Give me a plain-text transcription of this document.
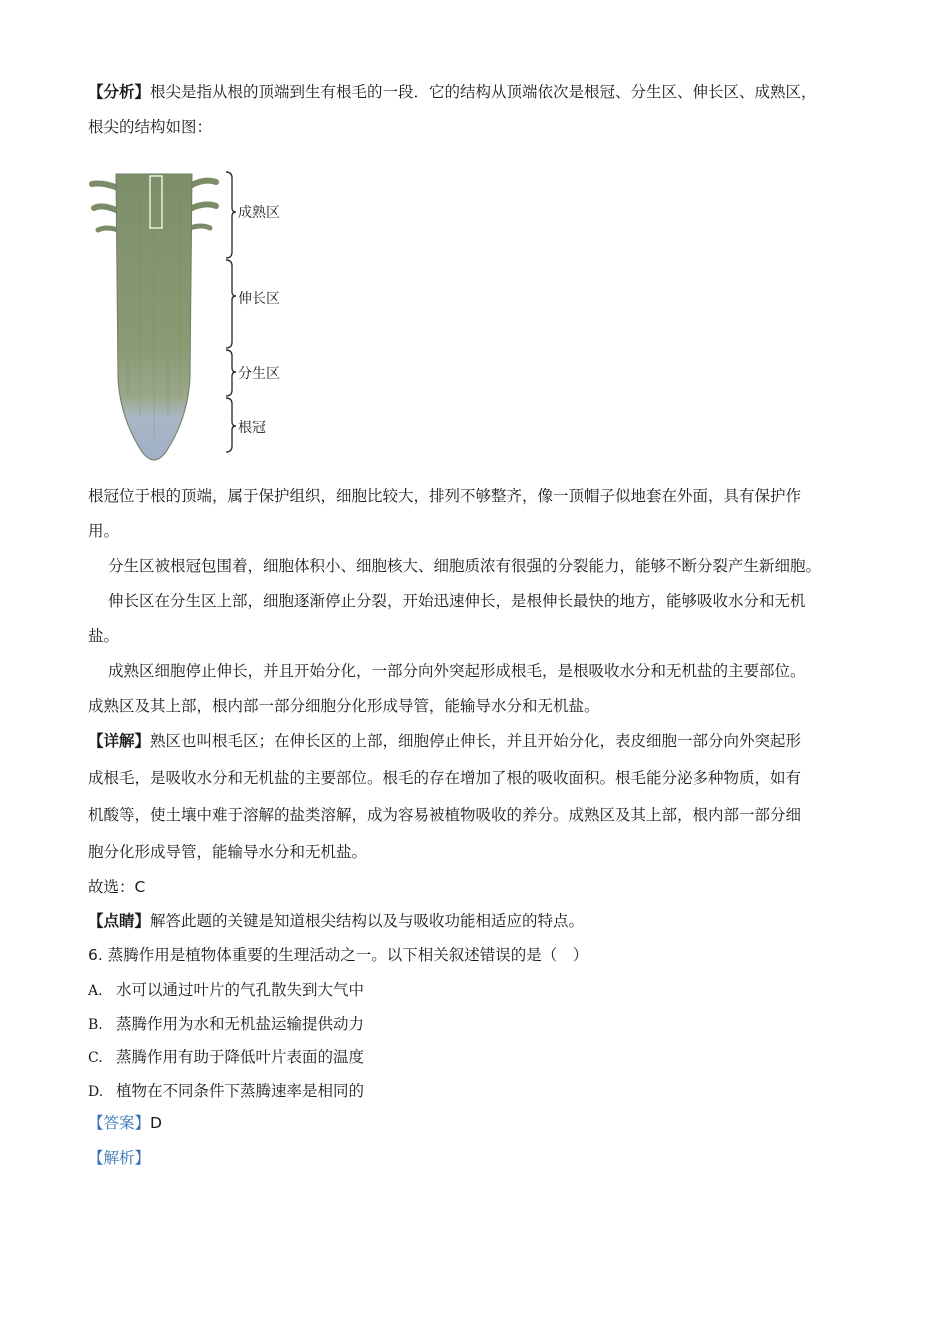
【分析】根尖是指从根的顶端到生有根毛的一段．它的结构从顶端依次是根冠、分生区、伸长区、成熟区，
根尖的结构如图：
成熟区
伸长区
分生区
根冠
根冠位于根的顶端，属于保护组织，细胞比较大，排列不够整齐，像一顶帽子似地套在外面，具有保护作
用。
分生区被根冠包围着，细胞体积小、细胞核大、细胞质浓有很强的分裂能力，能够不断分裂产生新细胞。
伸长区在分生区上部，细胞逐渐停止分裂，开始迅速伸长，是根伸长最快的地方，能够吸收水分和无机
盐。
成熟区细胞停止伸长，并且开始分化，一部分向外突起形成根毛，是根吸收水分和无机盐的主要部位。
成熟区及其上部，根内部一部分细胞分化形成导管，能输导水分和无机盐。
【详解】熟区也叫根毛区；在伸长区的上部，细胞停止伸长，并且开始分化，表皮细胞一部分向外突起形
成根毛，是吸收水分和无机盐的主要部位。根毛的存在增加了根的吸收面积。根毛能分泌多种物质，如有
机酸等，使土壤中难于溶解的盐类溶解，成为容易被植物吸收的养分。成熟区及其上部，根内部一部分细
胞分化形成导管，能输导水分和无机盐。
故选：C
【点睛】解答此题的关键是知道根尖结构以及与吸收功能相适应的特点。
6. 蒸腾作用是植物体重要的生理活动之一。以下相关叙述错误的是（　）
A. 水可以通过叶片的气孔散失到大气中
B. 蒸腾作用为水和无机盐运输提供动力
C. 蒸腾作用有助于降低叶片表面的温度
D. 植物在不同条件下蒸腾速率是相同的
【答案】D
【解析】
